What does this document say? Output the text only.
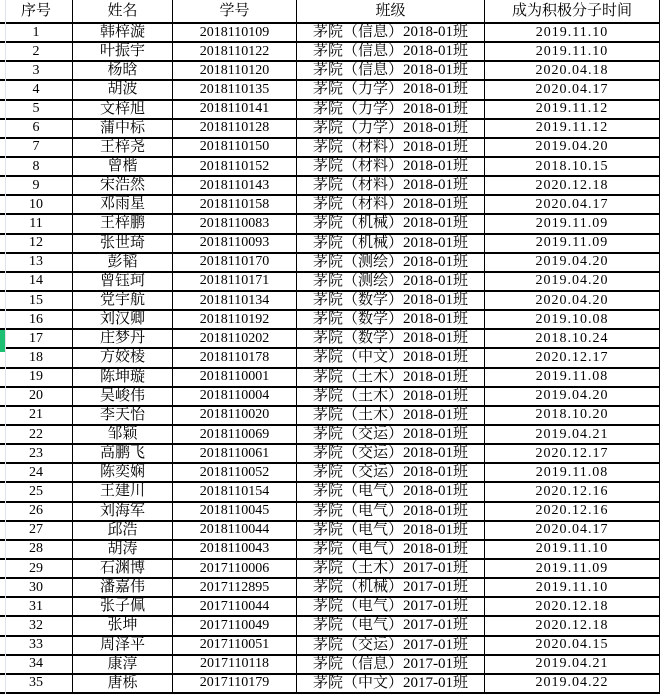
序号	姓名	学号	班级	成为积极分子时间
1	韩梓漩	2018110109	茅院（信息）2018-01班	2019.11.10
2	叶振宇	2018110122	茅院（信息）2018-01班	2019.11.10
3	杨晗	2018110120	茅院（信息）2018-01班	2020.04.18
4	胡波	2018110135	茅院（力学）2018-01班	2020.04.17
5	文梓旭	2018110141	茅院（力学）2018-01班	2019.11.12
6	蒲中标	2018110128	茅院（力学）2018-01班	2019.11.12
7	王梓尧	2018110150	茅院（材料）2018-01班	2019.04.20
8	曾楷	2018110152	茅院（材料）2018-01班	2018.10.15
9	宋浩然	2018110143	茅院（材料）2018-01班	2020.12.18
10	邓雨星	2018110158	茅院（材料）2018-01班	2020.04.17
11	王梓鹏	2018110083	茅院（机械）2018-01班	2019.11.09
12	张世琦	2018110093	茅院（机械）2018-01班	2019.11.09
13	彭韬	2018110170	茅院（测绘）2018-01班	2019.04.20
14	曾钰珂	2018110171	茅院（测绘）2018-01班	2019.04.20
15	党宇航	2018110134	茅院（数学）2018-01班	2020.04.20
16	刘汉卿	2018110192	茅院（数学）2018-01班	2019.10.08
17	庄梦丹	2018110202	茅院（数学）2018-01班	2018.10.24
18	方姣棱	2018110178	茅院（中文）2018-01班	2020.12.17
19	陈坤璇	2018110001	茅院（土木）2018-01班	2019.11.08
20	吴峻伟	2018110004	茅院（土木）2018-01班	2019.04.20
21	李天怡	2018110020	茅院（土木）2018-01班	2018.10.20
22	邹颖	2018110069	茅院（交运）2018-01班	2019.04.21
23	高鹏飞	2018110061	茅院（交运）2018-01班	2020.12.17
24	陈奕娴	2018110052	茅院（交运）2018-01班	2019.11.08
25	王建川	2018110154	茅院（电气）2018-01班	2020.12.16
26	刘海军	2018110045	茅院（电气）2018-01班	2020.12.16
27	邱浩	2018110044	茅院（电气）2018-01班	2020.04.17
28	胡涛	2018110043	茅院（电气）2018-01班	2019.11.10
29	石渊博	2017110006	茅院（土木）2017-01班	2019.11.09
30	潘嘉伟	2017112895	茅院（机械）2017-01班	2019.11.10
31	张子佩	2017110044	茅院（电气）2017-01班	2020.12.18
32	张坤	2017110049	茅院（电气）2017-01班	2020.12.18
33	周泽平	2017110051	茅院（交运）2017-01班	2020.04.15
34	康淳	2017110118	茅院（信息）2017-01班	2019.04.21
35	唐栎	2017110179	茅院（中文）2017-01班	2019.04.22
